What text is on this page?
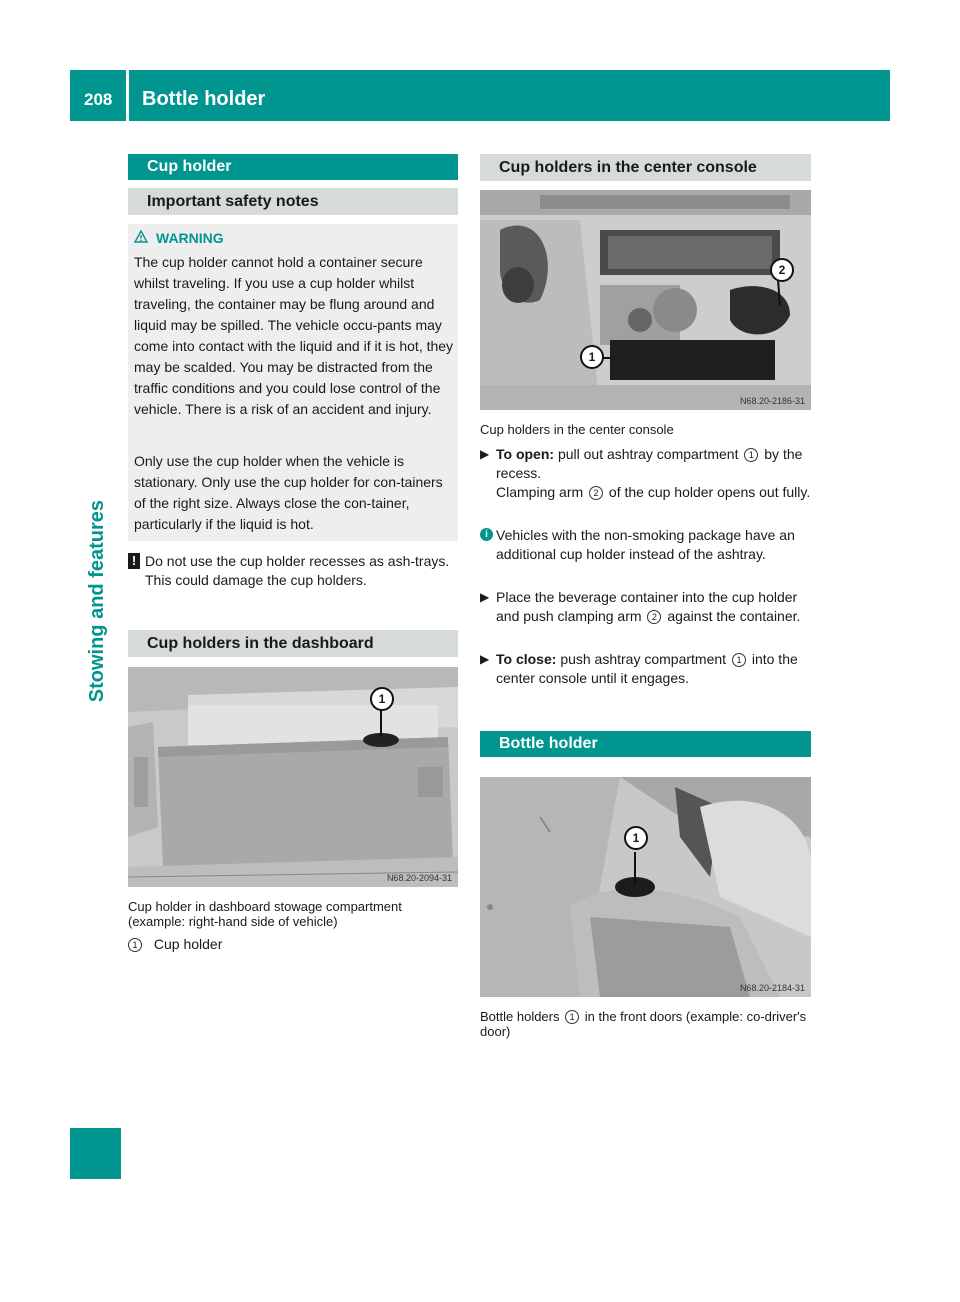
208 Bottle holder
Stowing and features
Cup holder
Important safety notes
WARNING
The cup holder cannot hold a container secure whilst traveling. If you use a cup holder whilst traveling, the container may be flung around and liquid may be spilled. The vehicle occu-pants may come into contact with the liquid and if it is hot, they may be scalded. You may be distracted from the traffic conditions and you could lose control of the vehicle. There is a risk of an accident and injury.
Only use the cup holder when the vehicle is stationary. Only use the cup holder for con-tainers of the right size. Always close the con-tainer, particularly if the liquid is hot.
! Do not use the cup holder recesses as ash-trays. This could damage the cup holders.
Cup holders in the dashboard
1
N68.20-2094-31
Cup holder in dashboard stowage compartment (example: right-hand side of vehicle)
1 Cup holder
Cup holders in the center console
1
2
N68.20-2186-31
Cup holders in the center console
▶ To open: pull out ashtray compartment 1 by the recess.
Clamping arm 2 of the cup holder opens out fully.
i Vehicles with the non-smoking package have an additional cup holder instead of the ashtray.
▶ Place the beverage container into the cup holder and push clamping arm 2 against the container.
▶ To close: push ashtray compartment 1 into the center console until it engages.
Bottle holder
1
N68.20-2184-31
Bottle holders 1 in the front doors (example: co-driver's door)
